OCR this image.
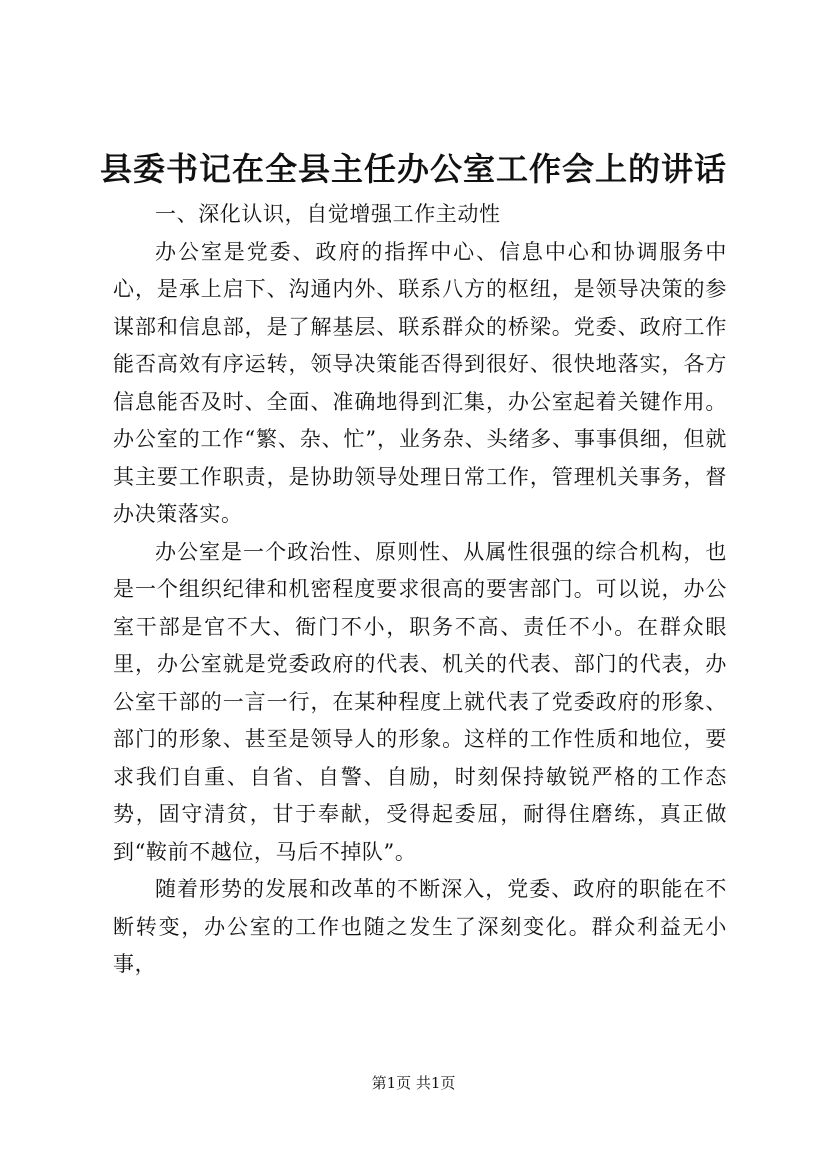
县委书记在全县主任办公室工作会上的讲话

一、深化认识，自觉增强工作主动性

办公室是党委、政府的指挥中心、信息中心和协调服务中心，是承上启下、沟通内外、联系八方的枢纽，是领导决策的参谋部和信息部，是了解基层、联系群众的桥梁。党委、政府工作能否高效有序运转，领导决策能否得到很好、很快地落实，各方信息能否及时、全面、准确地得到汇集，办公室起着关键作用。办公室的工作“繁、杂、忙”，业务杂、头绪多、事事俱细，但就其主要工作职责，是协助领导处理日常工作，管理机关事务，督办决策落实。

办公室是一个政治性、原则性、从属性很强的综合机构，也是一个组织纪律和机密程度要求很高的要害部门。可以说，办公室干部是官不大、衙门不小，职务不高、责任不小。在群众眼里，办公室就是党委政府的代表、机关的代表、部门的代表，办公室干部的一言一行，在某种程度上就代表了党委政府的形象、部门的形象、甚至是领导人的形象。这样的工作性质和地位，要求我们自重、自省、自警、自励，时刻保持敏锐严格的工作态势，固守清贫，甘于奉献，受得起委屈，耐得住磨练，真正做到“鞍前不越位，马后不掉队”。

随着形势的发展和改革的不断深入，党委、政府的职能在不断转变，办公室的工作也随之发生了深刻变化。群众利益无小事，

第1页 共1页
